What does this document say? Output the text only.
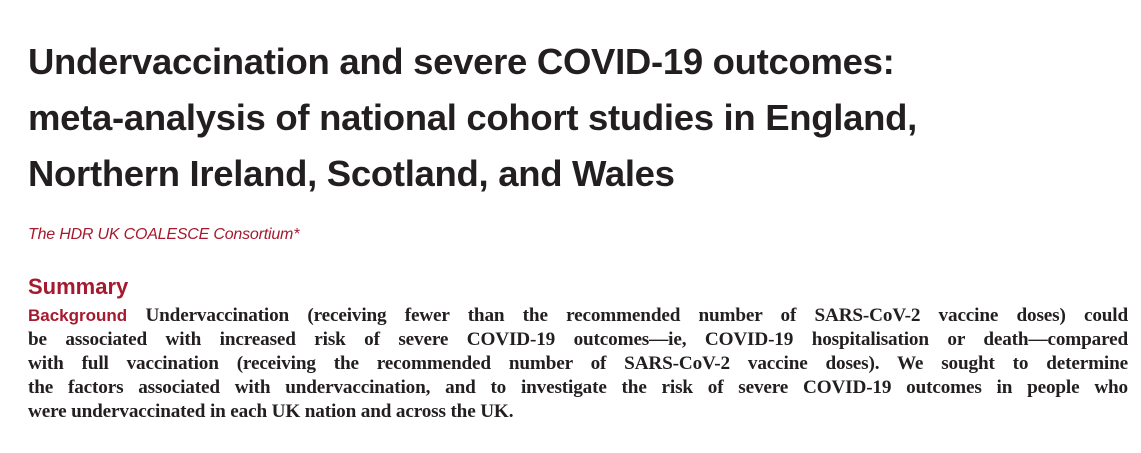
Undervaccination and severe COVID-19 outcomes:
meta-analysis of national cohort studies in England,
Northern Ireland, Scotland, and Wales

The HDR UK COALESCE Consortium*

Summary
Background Undervaccination (receiving fewer than the recommended number of SARS-CoV-2 vaccine doses) could
be associated with increased risk of severe COVID-19 outcomes—ie, COVID-19 hospitalisation or death—compared
with full vaccination (receiving the recommended number of SARS-CoV-2 vaccine doses). We sought to determine
the factors associated with undervaccination, and to investigate the risk of severe COVID-19 outcomes in people who
were undervaccinated in each UK nation and across the UK.
